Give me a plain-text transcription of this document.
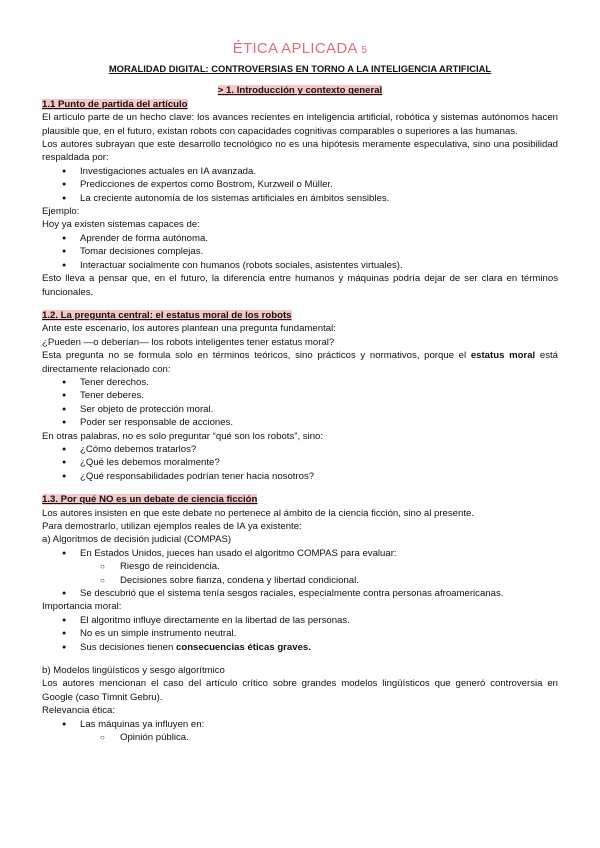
ÉTICA APLICADA 5
MORALIDAD DIGITAL: CONTROVERSIAS EN TORNO A LA INTELIGENCIA ARTIFICIAL
> 1. Introducción y contexto general
1.1 Punto de partida del artículo

El artículo parte de un hecho clave: los avances recientes en inteligencia artificial, robótica y sistemas autónomos hacen plausible que, en el futuro, existan robots con capacidades cognitivas comparables o superiores a las humanas.

Los autores subrayan que este desarrollo tecnológico no es una hipótesis meramente especulativa, sino una posibilidad respaldada por:

● Investigaciones actuales en IA avanzada.
● Predicciones de expertos como Bostrom, Kurzweil o Müller.
● La creciente autonomía de los sistemas artificiales en ámbitos sensibles.

Ejemplo:

Hoy ya existen sistemas capaces de:

● Aprender de forma autónoma.
● Tomar decisiones complejas.
● Interactuar socialmente con humanos (robots sociales, asistentes virtuales).

Esto lleva a pensar que, en el futuro, la diferencia entre humanos y máquinas podría dejar de ser clara en términos funcionales.

1.2. La pregunta central: el estatus moral de los robots

Ante este escenario, los autores plantean una pregunta fundamental:

¿Pueden —o deberían— los robots inteligentes tener estatus moral?

Esta pregunta no se formula solo en términos teóricos, sino prácticos y normativos, porque el estatus moral está directamente relacionado con:

● Tener derechos.
● Tener deberes.
● Ser objeto de protección moral.
● Poder ser responsable de acciones.

En otras palabras, no es solo preguntar “qué son los robots”, sino:

● ¿Cómo debemos tratarlos?
● ¿Qué les debemos moralmente?
● ¿Qué responsabilidades podrían tener hacia nosotros?
1.3. Por qué NO es un debate de ciencia ficción

Los autores insisten en que este debate no pertenece al ámbito de la ciencia ficción, sino al presente.

Para demostrarlo, utilizan ejemplos reales de IA ya existente:

a) Algoritmos de decisión judicial (COMPAS)

● En Estados Unidos, jueces han usado el algoritmo COMPAS para evaluar:
○ Riesgo de reincidencia.
○ Decisiones sobre fianza, condena y libertad condicional.
● Se descubrió que el sistema tenía sesgos raciales, especialmente contra personas afroamericanas.

Importancia moral:

● El algoritmo influye directamente en la libertad de las personas.
● No es un simple instrumento neutral.
● Sus decisiones tienen consecuencias éticas graves.

b) Modelos lingüísticos y sesgo algorítmico

Los autores mencionan el caso del artículo crítico sobre grandes modelos lingüísticos que generó controversia en Google (caso Timnit Gebru).

Relevancia ética:

● Las máquinas ya influyen en:
○ Opinión pública.
